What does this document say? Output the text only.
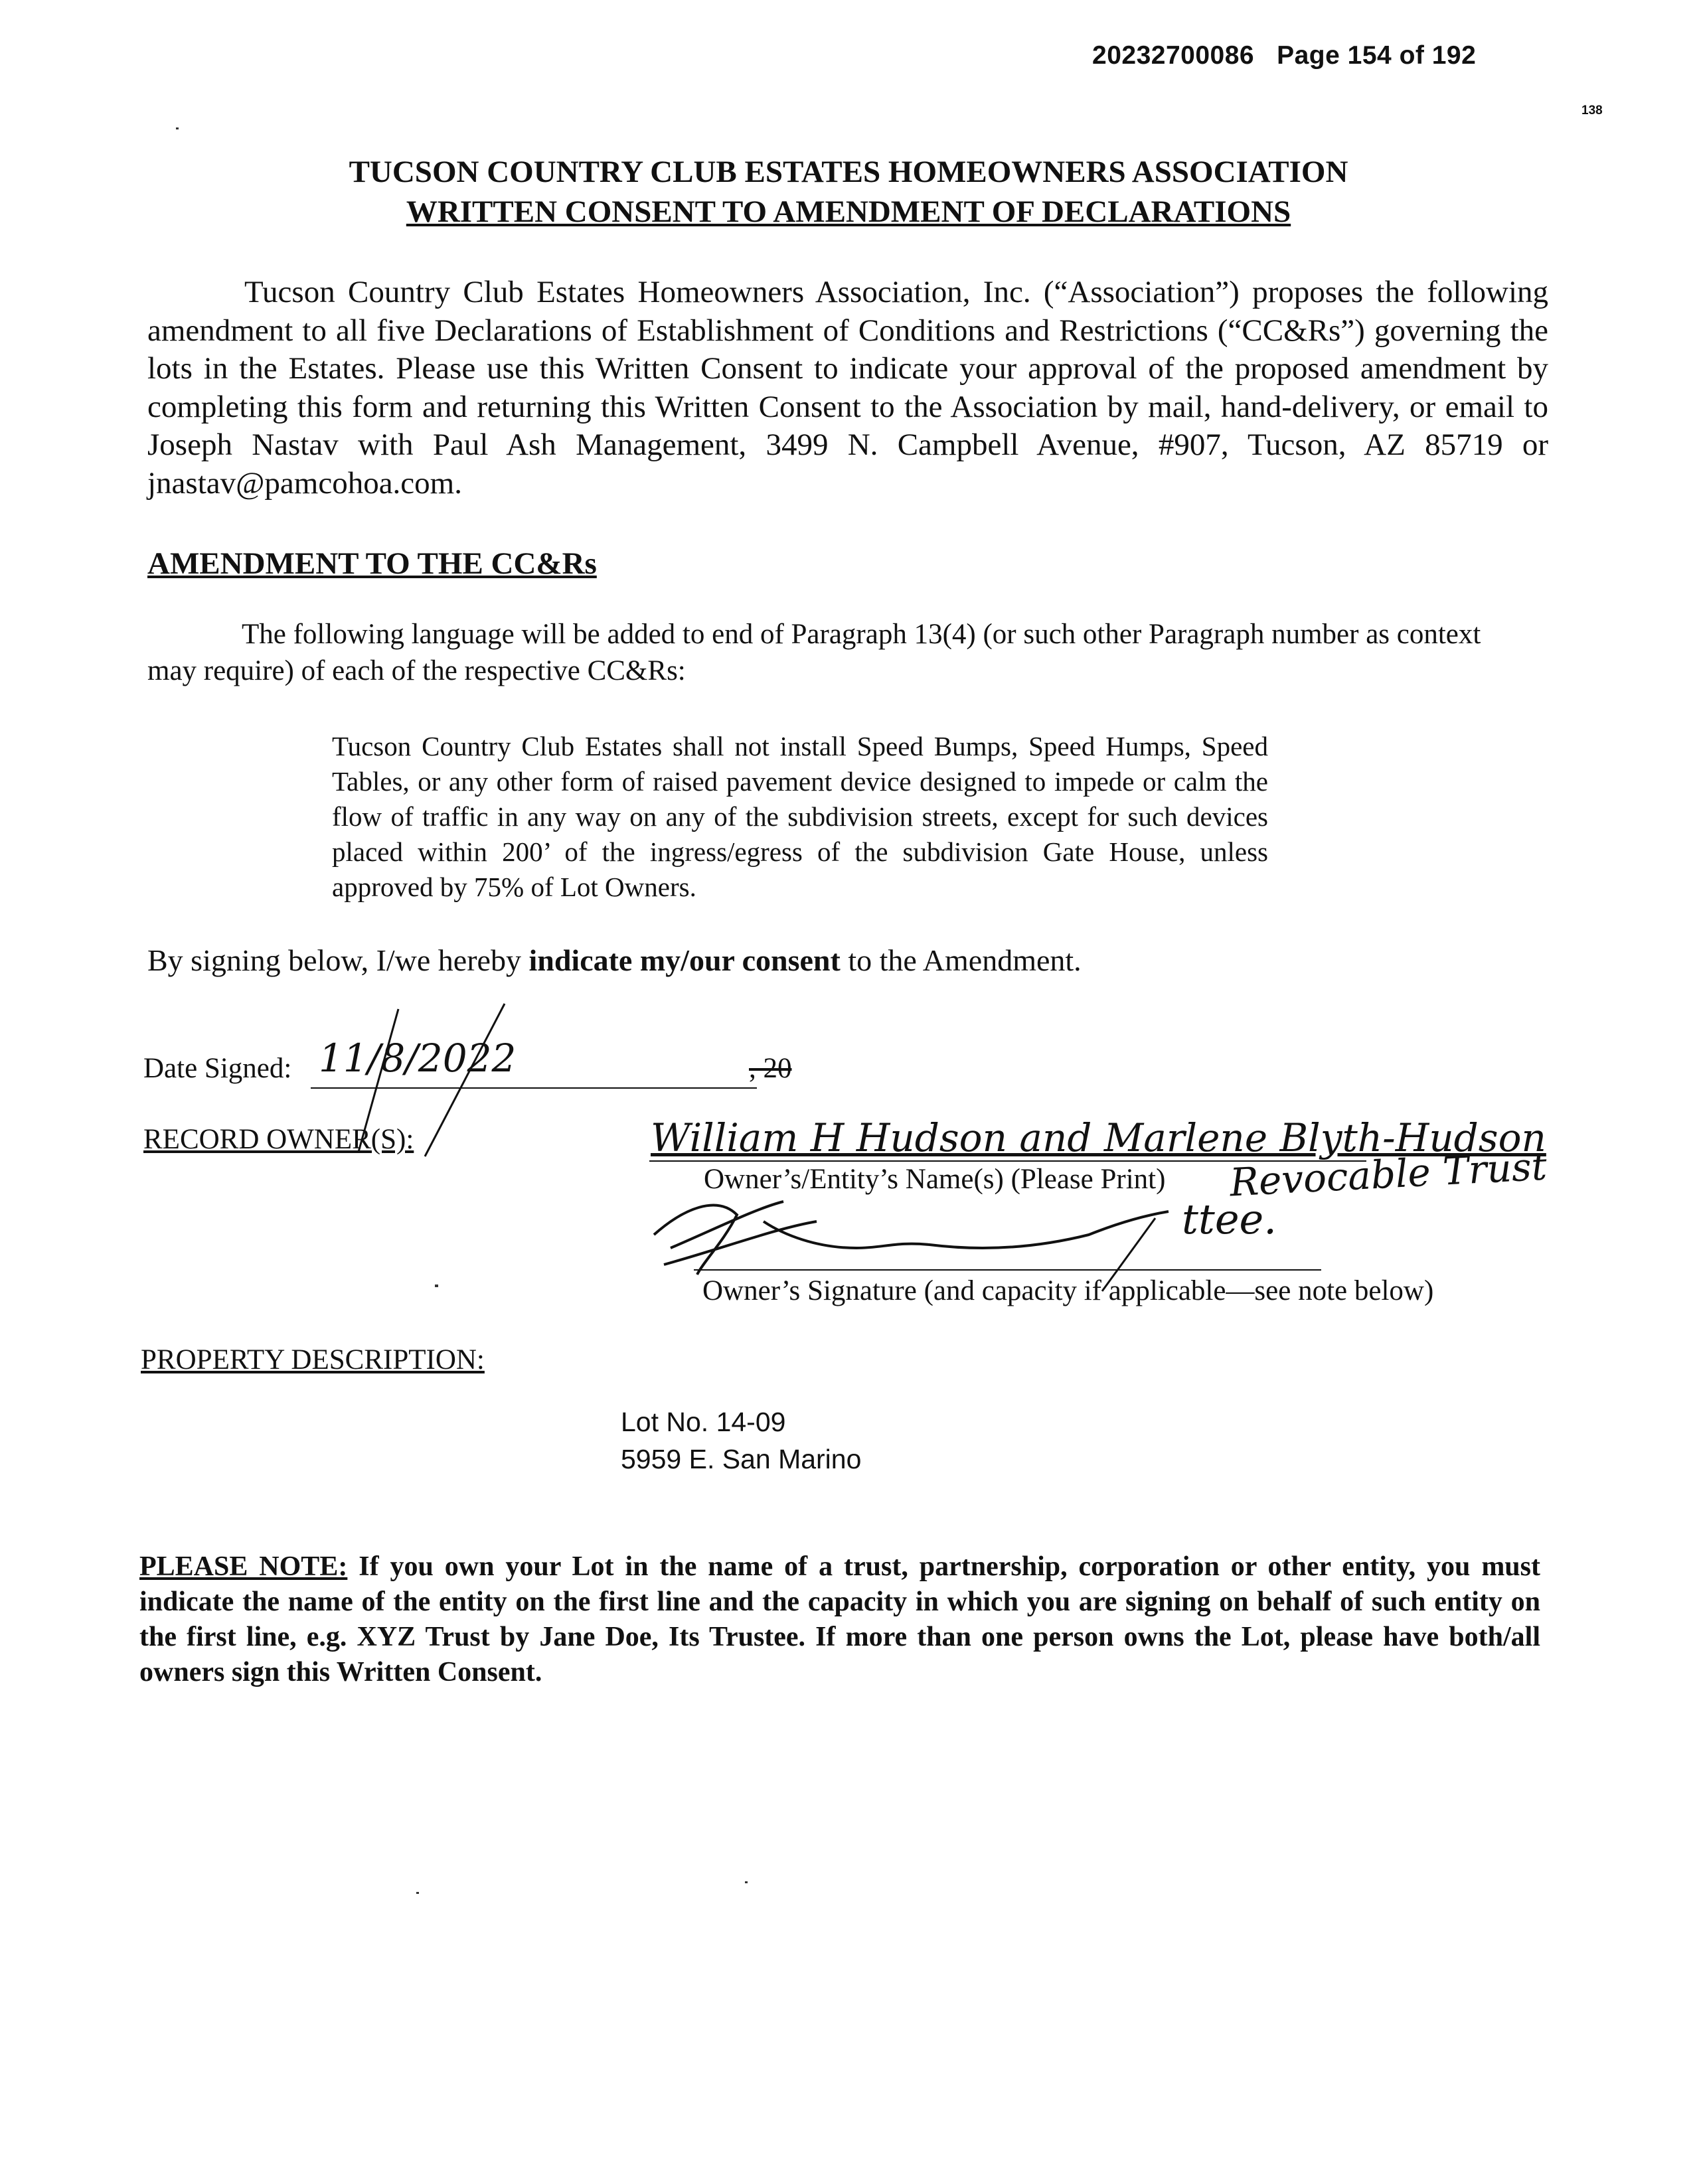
20232700086 Page 154 of 192
138
TUCSON COUNTRY CLUB ESTATES HOMEOWNERS ASSOCIATION
WRITTEN CONSENT TO AMENDMENT OF DECLARATIONS
Tucson Country Club Estates Homeowners Association, Inc. (“Association”) proposes the following amendment to all five Declarations of Establishment of Conditions and Restrictions (“CC&Rs”) governing the lots in the Estates. Please use this Written Consent to indicate your approval of the proposed amendment by completing this form and returning this Written Consent to the Association by mail, hand-delivery, or email to Joseph Nastav with Paul Ash Management, 3499 N. Campbell Avenue, #907, Tucson, AZ 85719 or jnastav@pamcohoa.com.
AMENDMENT TO THE CC&Rs
The following language will be added to end of Paragraph 13(4) (or such other Paragraph number as context may require) of each of the respective CC&Rs:
Tucson Country Club Estates shall not install Speed Bumps, Speed Humps, Speed Tables, or any other form of raised pavement device designed to impede or calm the flow of traffic in any way on any of the subdivision streets, except for such devices placed within 200’ of the ingress/egress of the subdivision Gate House, unless approved by 75% of Lot Owners.
By signing below, I/we hereby indicate my/our consent to the Amendment.
Date Signed: 11/8/2022	, 20
RECORD OWNER(S):	William H Hudson and Marlene Blyth-Hudson
Owner’s/Entity’s Name(s) (Please Print) Revocable Trust
ttee.
Owner’s Signature (and capacity if applicable—see note below)
PROPERTY DESCRIPTION:
Lot No. 14-09
5959 E. San Marino
PLEASE NOTE: If you own your Lot in the name of a trust, partnership, corporation or other entity, you must indicate the name of the entity on the first line and the capacity in which you are signing on behalf of such entity on the first line, e.g. XYZ Trust by Jane Doe, Its Trustee. If more than one person owns the Lot, please have both/all owners sign this Written Consent.
